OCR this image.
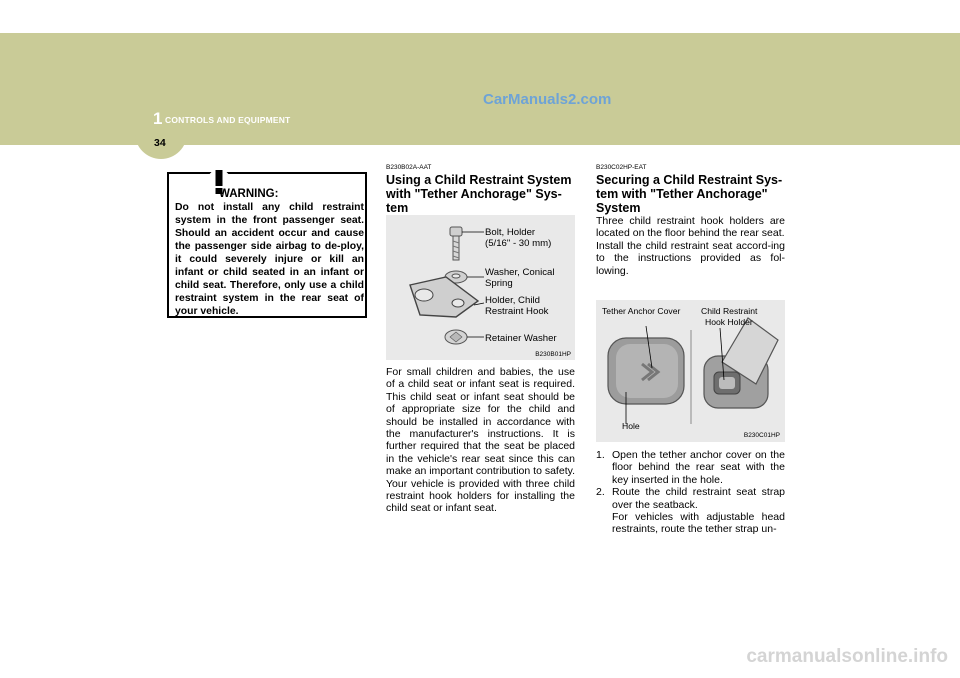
1 CONTROLS AND EQUIPMENT
34
CarManuals2.com
WARNING:
Do not install any child restraint system in the front passenger seat. Should an accident occur and cause the passenger side airbag to de-ploy, it could severely injure or kill an infant or child seated in an infant or child seat. Therefore, only use a child restraint system in the rear seat of your vehicle.
B230B02A-AAT
Using a Child Restraint System with "Tether Anchorage" Sys-tem
Bolt, Holder
(5/16" - 30 mm)
Washer, Conical
Spring
Holder, Child
Restraint Hook
Retainer Washer
B230B01HP
For small children and babies, the use of a child seat or infant seat is required. This child seat or infant seat should be of appropriate size for the child and should be installed in accordance with the manufacturer's instructions. It is further required that the seat be placed in the vehicle's rear seat since this can make an important contribution to safety. Your vehicle is provided with three child restraint hook holders for installing the child seat or infant seat.
B230C02HP-EAT
Securing a Child Restraint Sys-tem with "Tether Anchorage" System
Three child restraint hook holders are located on the floor behind the rear seat.
Install the child restraint seat accord-ing to the instructions provided as fol-lowing.
Tether Anchor Cover Child Restraint
Hook Holder
Hole
B230C01HP
1. Open the tether anchor cover on the floor behind the rear seat with the key inserted in the hole.
2. Route the child restraint seat strap over the seatback.
For vehicles with adjustable head restraints, route the tether strap un-
carmanualsonline.info
